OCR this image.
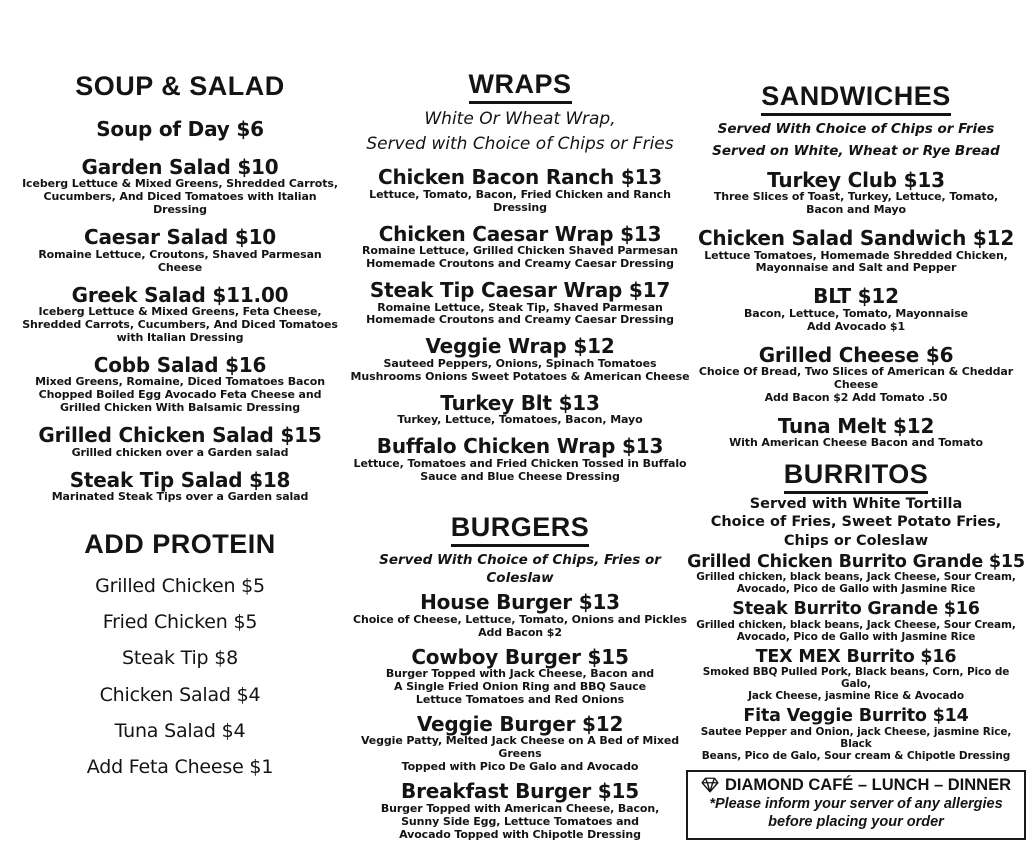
SOUP & SALAD
Soup of Day $6
Garden Salad $10
Iceberg Lettuce & Mixed Greens, Shredded Carrots, Cucumbers, And Diced Tomatoes with Italian Dressing
Caesar Salad $10
Romaine Lettuce, Croutons, Shaved Parmesan Cheese
Greek Salad $11.00
Iceberg Lettuce & Mixed Greens, Feta Cheese, Shredded Carrots, Cucumbers, And Diced Tomatoes with Italian Dressing
Cobb Salad $16
Mixed Greens, Romaine, Diced Tomatoes Bacon Chopped Boiled Egg Avocado Feta Cheese and Grilled Chicken With Balsamic Dressing
Grilled Chicken Salad $15
Grilled chicken over a Garden salad
Steak Tip Salad $18
Marinated Steak Tips over a Garden salad
ADD PROTEIN
Grilled Chicken $5
Fried Chicken $5
Steak Tip $8
Chicken Salad $4
Tuna Salad $4
Add Feta Cheese $1
WRAPS
White Or Wheat Wrap,
Served with Choice of Chips or Fries
Chicken Bacon Ranch $13
Lettuce, Tomato, Bacon, Fried Chicken and Ranch Dressing
Chicken Caesar Wrap $13
Romaine Lettuce, Grilled Chicken Shaved Parmesan Homemade Croutons and Creamy Caesar Dressing
Steak Tip Caesar Wrap $17
Romaine Lettuce, Steak Tip, Shaved Parmesan Homemade Croutons and Creamy Caesar Dressing
Veggie Wrap $12
Sauteed Peppers, Onions, Spinach Tomatoes Mushrooms Onions Sweet Potatoes & American Cheese
Turkey Blt $13
Turkey, Lettuce, Tomatoes, Bacon, Mayo
Buffalo Chicken Wrap $13
Lettuce, Tomatoes and Fried Chicken Tossed in Buffalo Sauce and Blue Cheese Dressing
BURGERS
Served With Choice of Chips, Fries or Coleslaw
House Burger $13
Choice of Cheese, Lettuce, Tomato, Onions and Pickles
Add Bacon $2
Cowboy Burger $15
Burger Topped with Jack Cheese, Bacon and
A Single Fried Onion Ring and BBQ Sauce
Lettuce Tomatoes and Red Onions
Veggie Burger $12
Veggie Patty, Melted Jack Cheese on A Bed of Mixed Greens
Topped with Pico De Galo and Avocado
Breakfast Burger $15
Burger Topped with American Cheese, Bacon,
Sunny Side Egg, Lettuce Tomatoes and
Avocado Topped with Chipotle Dressing
SANDWICHES
Served With Choice of Chips or Fries
Served on White, Wheat or Rye Bread
Turkey Club $13
Three Slices of Toast, Turkey, Lettuce, Tomato,
Bacon and Mayo
Chicken Salad Sandwich $12
Lettuce Tomatoes, Homemade Shredded Chicken,
Mayonnaise and Salt and Pepper
BLT $12
Bacon, Lettuce, Tomato, Mayonnaise
Add Avocado $1
Grilled Cheese $6
Choice Of Bread, Two Slices of American & Cheddar Cheese
Add Bacon $2 Add Tomato .50
Tuna Melt $12
With American Cheese Bacon and Tomato
BURRITOS
Served with White Tortilla
Choice of Fries, Sweet Potato Fries,
Chips or Coleslaw
Grilled Chicken Burrito Grande $15
Grilled chicken, black beans, Jack Cheese, Sour Cream,
Avocado, Pico de Gallo with Jasmine Rice
Steak Burrito Grande $16
Grilled chicken, black beans, Jack Cheese, Sour Cream,
Avocado, Pico de Gallo with Jasmine Rice
TEX MEX Burrito $16
Smoked BBQ Pulled Pork, Black beans, Corn, Pico de Galo,
Jack Cheese, jasmine Rice & Avocado
Fita Veggie Burrito $14
Sautee Pepper and Onion, jack Cheese, jasmine Rice, Black
Beans, Pico de Galo, Sour cream & Chipotle Dressing
DIAMOND CAFÉ – LUNCH – DINNER
*Please inform your server of any allergies
before placing your order
